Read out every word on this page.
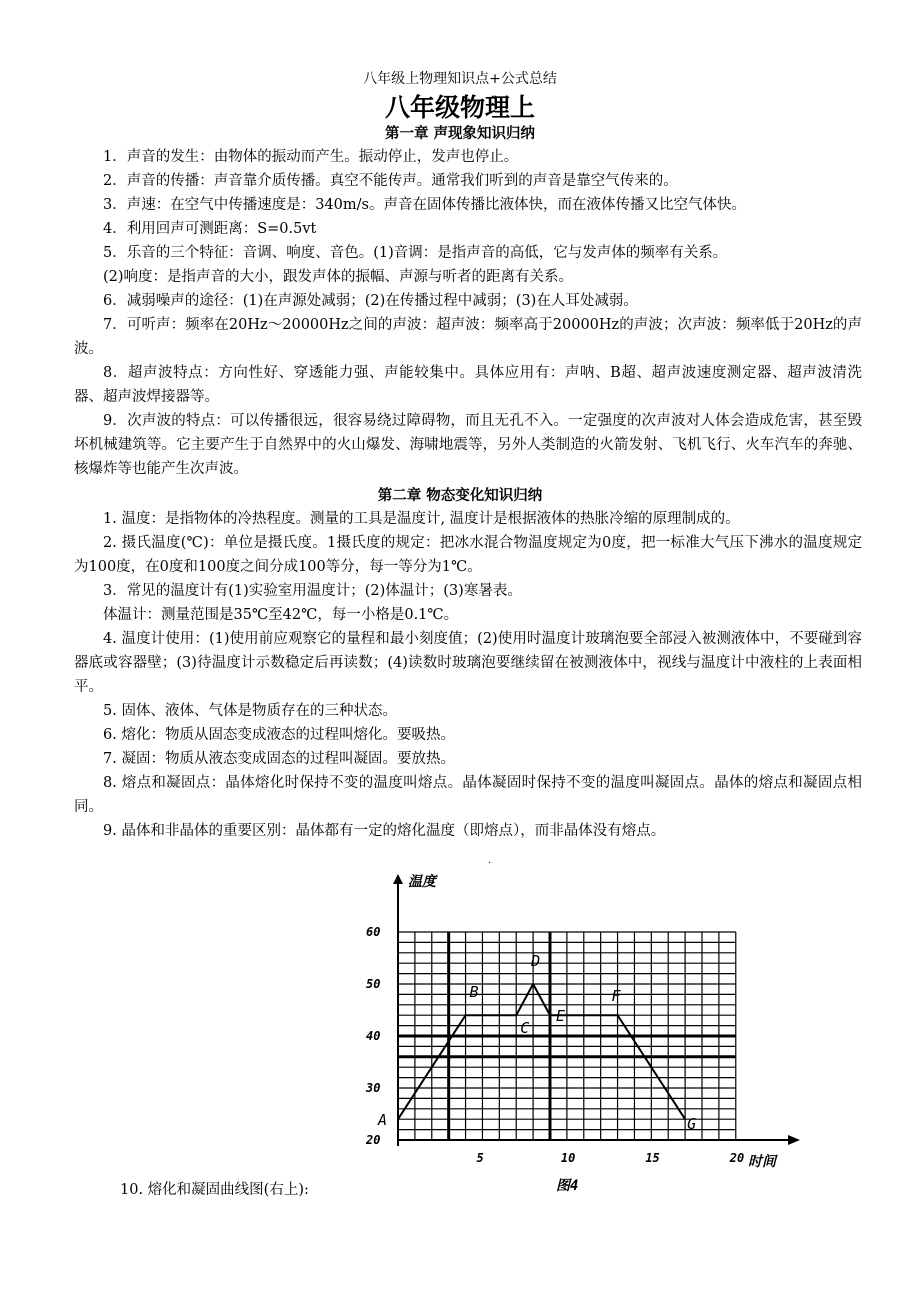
八年级上物理知识点+公式总结
八年级物理上
第一章 声现象知识归纳
1．声音的发生：由物体的振动而产生。振动停止，发声也停止。
2．声音的传播：声音靠介质传播。真空不能传声。通常我们听到的声音是靠空气传来的。
3．声速：在空气中传播速度是：340m/s。声音在固体传播比液体快，而在液体传播又比空气体快。
4．利用回声可测距离：S=0.5vt
5．乐音的三个特征：音调、响度、音色。(1)音调：是指声音的高低，它与发声体的频率有关系。
(2)响度：是指声音的大小，跟发声体的振幅、声源与听者的距离有关系。
6．减弱噪声的途径：(1)在声源处减弱；(2)在传播过程中减弱；(3)在人耳处减弱。
7．可听声：频率在20Hz～20000Hz之间的声波：超声波：频率高于20000Hz的声波；次声波：频率低于20Hz的声波。
8．超声波特点：方向性好、穿透能力强、声能较集中。具体应用有：声呐、B超、超声波速度测定器、超声波清洗器、超声波焊接器等。
9．次声波的特点：可以传播很远，很容易绕过障碍物，而且无孔不入。一定强度的次声波对人体会造成危害，甚至毁坏机械建筑等。它主要产生于自然界中的火山爆发、海啸地震等，另外人类制造的火箭发射、飞机飞行、火车汽车的奔驰、核爆炸等也能产生次声波。
第二章 物态变化知识归纳
1. 温度：是指物体的冷热程度。测量的工具是温度计, 温度计是根据液体的热胀冷缩的原理制成的。
2. 摄氏温度(℃)：单位是摄氏度。1摄氏度的规定：把冰水混合物温度规定为0度，把一标准大气压下沸水的温度规定为100度，在0度和100度之间分成100等分，每一等分为1℃。
3．常见的温度计有(1)实验室用温度计；(2)体温计；(3)寒暑表。
体温计：测量范围是35℃至42℃，每一小格是0.1℃。
4. 温度计使用：(1)使用前应观察它的量程和最小刻度值；(2)使用时温度计玻璃泡要全部浸入被测液体中，不要碰到容器底或容器壁；(3)待温度计示数稳定后再读数；(4)读数时玻璃泡要继续留在被测液体中，视线与温度计中液柱的上表面相平。
5. 固体、液体、气体是物质存在的三种状态。
6. 熔化：物质从固态变成液态的过程叫熔化。要吸热。
7. 凝固：物质从液态变成固态的过程叫凝固。要放热。
8. 熔点和凝固点：晶体熔化时保持不变的温度叫熔点。晶体凝固时保持不变的温度叫凝固点。晶体的熔点和凝固点相同。
9. 晶体和非晶体的重要区别：晶体都有一定的熔化温度（即熔点），而非晶体没有熔点。
.
20
30
40
50
60
5	10	15	20
A
B
C
D
E
F
G
温度
时间
图4
10. 熔化和凝固曲线图(右上):
